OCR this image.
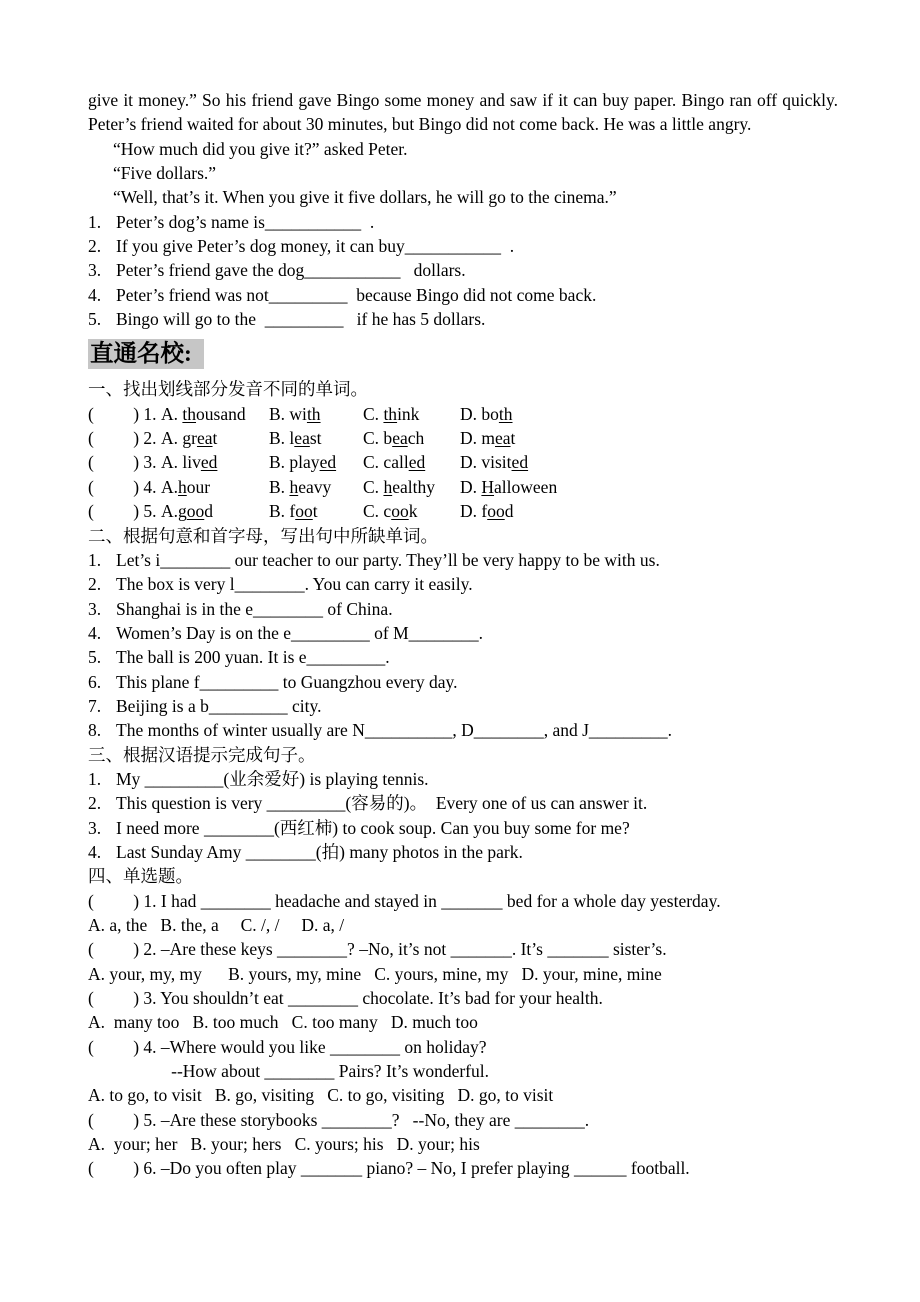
give it money.” So his friend gave Bingo some money and saw if it can buy paper. Bingo ran off quickly. Peter’s friend waited for about 30 minutes, but Bingo did not come back. He was a little angry.
“How much did you give it?” asked Peter.
“Five dollars.”
“Well, that’s it. When you give it five dollars, he will go to the cinema.”
1. Peter’s dog’s name is___________  .
2. If you give Peter’s dog money, it can buy___________  .
3. Peter’s friend gave the dog___________   dollars.
4. Peter’s friend was not_________  because Bingo did not come back.
5. Bingo will go to the  _________   if he has 5 dollars.
直通名校:
一、找出划线部分发音不同的单词。
(         ) 1. A. thousand	B. with	C. think	D. both
(         ) 2. A. great	B. least	C. beach	D. meat
(         ) 3. A. lived	B. played	C. called	D. visited
(         ) 4. A.hour	B. heavy	C. healthy	D. Halloween
(         ) 5. A.good	B. foot	C. cook	D. food
二、根据句意和首字母，写出句中所缺单词。
1. Let’s i________ our teacher to our party. They’ll be very happy to be with us.
2. The box is very l________. You can carry it easily.
3. Shanghai is in the e________ of China.
4. Women’s Day is on the e_________ of M________.
5. The ball is 200 yuan. It is e_________.
6. This plane f_________ to Guangzhou every day.
7. Beijing is a b_________ city.
8. The months of winter usually are N__________, D________, and J_________.
三、根据汉语提示完成句子。
1. My _________(业余爱好) is playing tennis.
2. This question is very _________(容易的)。  Every one of us can answer it.
3. I need more ________(西红柿) to cook soup. Can you buy some for me?
4. Last Sunday Amy ________(拍) many photos in the park.
四、单选题。
(         ) 1. I had ________ headache and stayed in _______ bed for a whole day yesterday.
A. a, the   B. the, a     C. /, /     D. a, /
(         ) 2. –Are these keys ________? –No, it’s not _______. It’s _______ sister’s.
A. your, my, my      B. yours, my, mine   C. yours, mine, my   D. your, mine, mine
(         ) 3. You shouldn’t eat ________ chocolate. It’s bad for your health.
A.  many too   B. too much   C. too many   D. much too
(         ) 4. –Where would you like ________ on holiday?
--How about ________ Pairs? It’s wonderful.
A. to go, to visit   B. go, visiting   C. to go, visiting   D. go, to visit
(         ) 5. –Are these storybooks ________?   --No, they are ________.
A.  your; her   B. your; hers   C. yours; his   D. your; his
(         ) 6. –Do you often play _______ piano? – No, I prefer playing ______ football.
